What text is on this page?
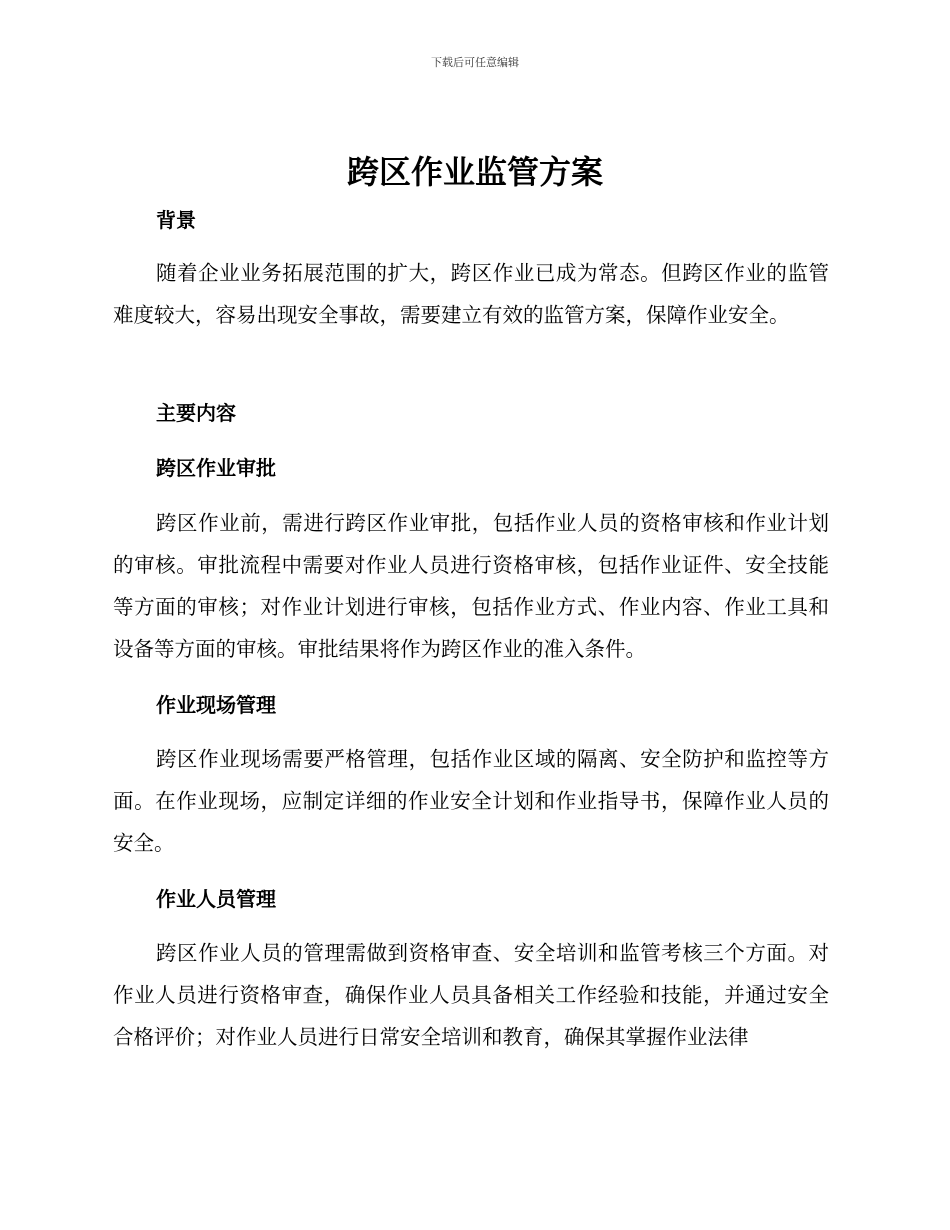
下载后可任意编辑
跨区作业监管方案
背景

随着企业业务拓展范围的扩大，跨区作业已成为常态。但跨区作业的监管难度较大，容易出现安全事故，需要建立有效的监管方案，保障作业安全。

主要内容
跨区作业审批

跨区作业前，需进行跨区作业审批，包括作业人员的资格审核和作业计划的审核。审批流程中需要对作业人员进行资格审核，包括作业证件、安全技能等方面的审核；对作业计划进行审核，包括作业方式、作业内容、作业工具和设备等方面的审核。审批结果将作为跨区作业的准入条件。

作业现场管理

跨区作业现场需要严格管理，包括作业区域的隔离、安全防护和监控等方面。在作业现场，应制定详细的作业安全计划和作业指导书，保障作业人员的安全。

作业人员管理

跨区作业人员的管理需做到资格审查、安全培训和监管考核三个方面。对作业人员进行资格审查，确保作业人员具备相关工作经验和技能，并通过安全合格评价；对作业人员进行日常安全培训和教育，确保其掌握作业法律
